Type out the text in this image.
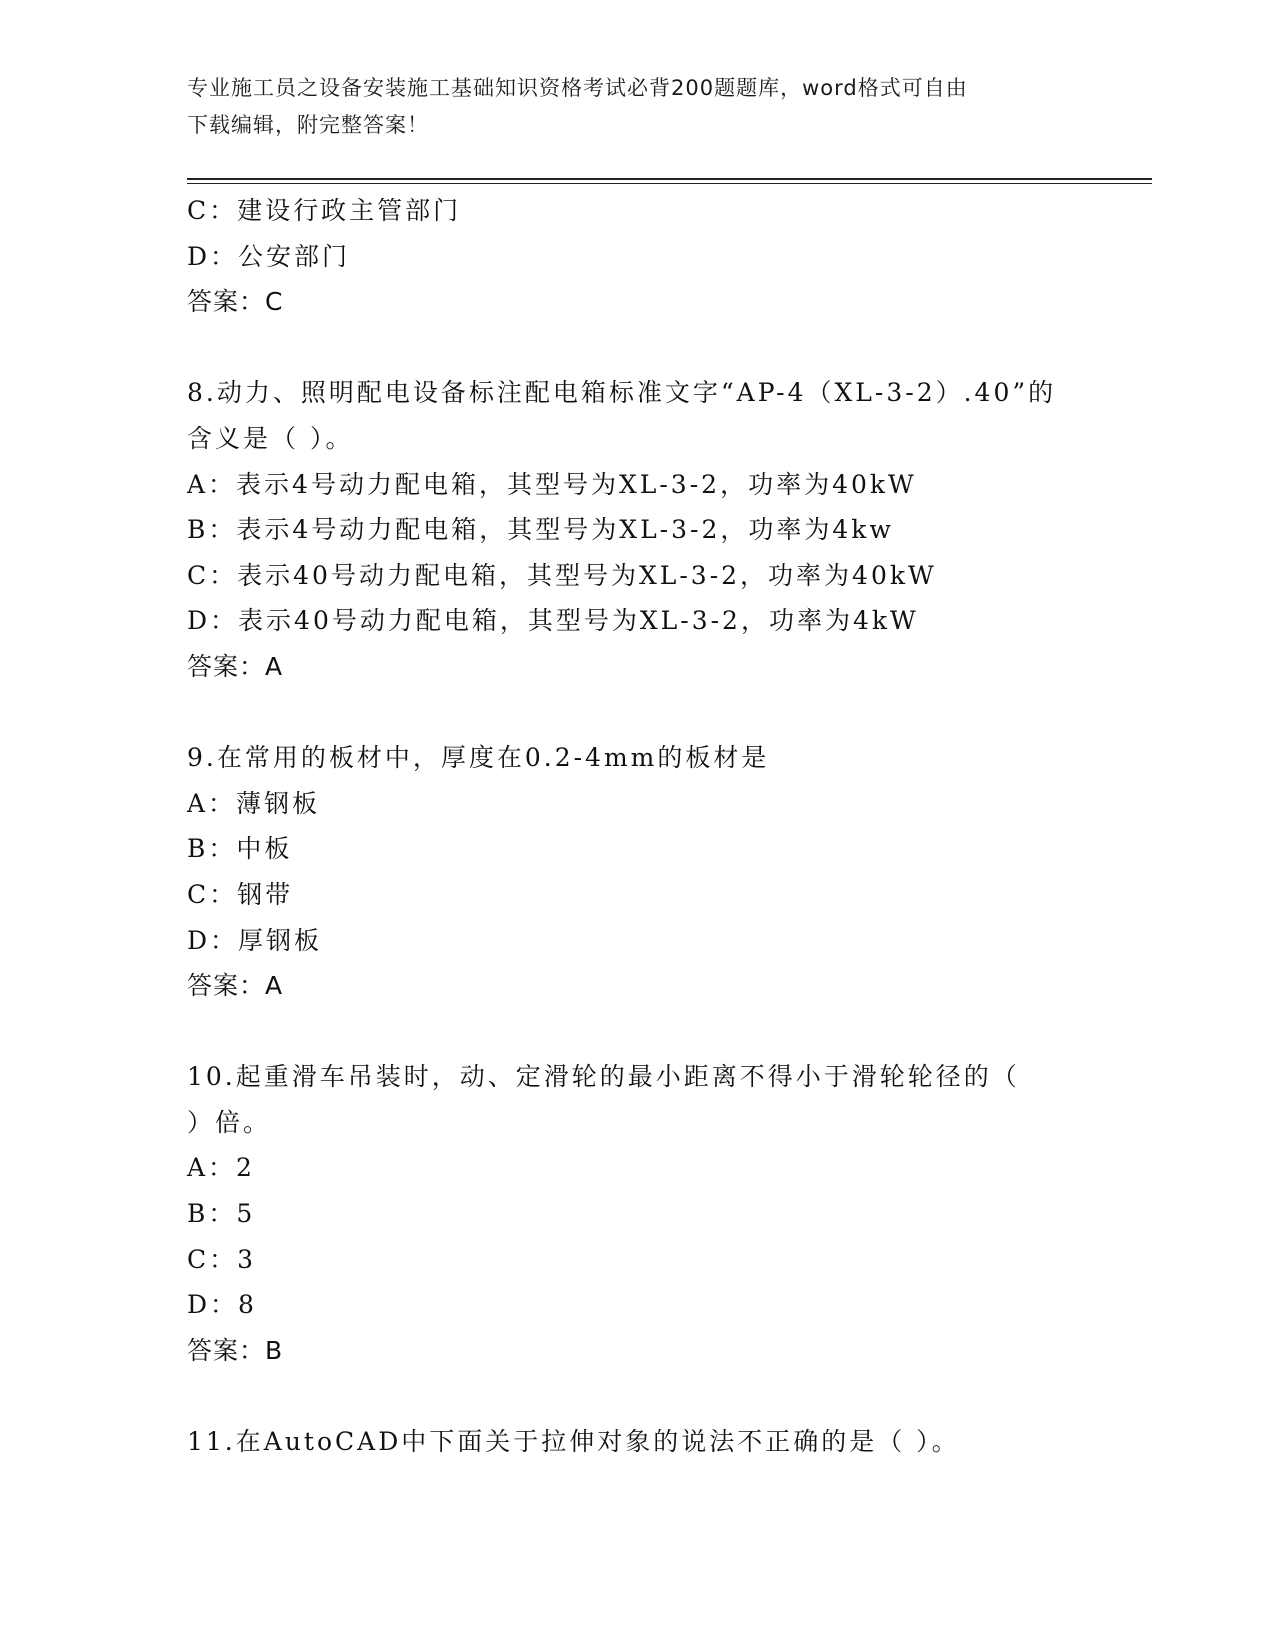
专业施工员之设备安装施工基础知识资格考试必背200题题库，word格式可自由
下载编辑，附完整答案！
C：建设行政主管部门
D：公安部门
答案：C
8.动力、照明配电设备标注配电箱标准文字“AP-4（XL-3-2）.40”的
含义是（ ）。
A：表示4号动力配电箱，其型号为XL-3-2，功率为40kW
B：表示4号动力配电箱，其型号为XL-3-2，功率为4kw
C：表示40号动力配电箱，其型号为XL-3-2，功率为40kW
D：表示40号动力配电箱，其型号为XL-3-2，功率为4kW
答案：A
9.在常用的板材中，厚度在0.2-4mm的板材是
A：薄钢板
B：中板
C：钢带
D：厚钢板
答案：A
10.起重滑车吊装时，动、定滑轮的最小距离不得小于滑轮轮径的（
）倍。
A：2
B：5
C：3
D：8
答案：B
11.在AutoCAD中下面关于拉伸对象的说法不正确的是（ ）。
